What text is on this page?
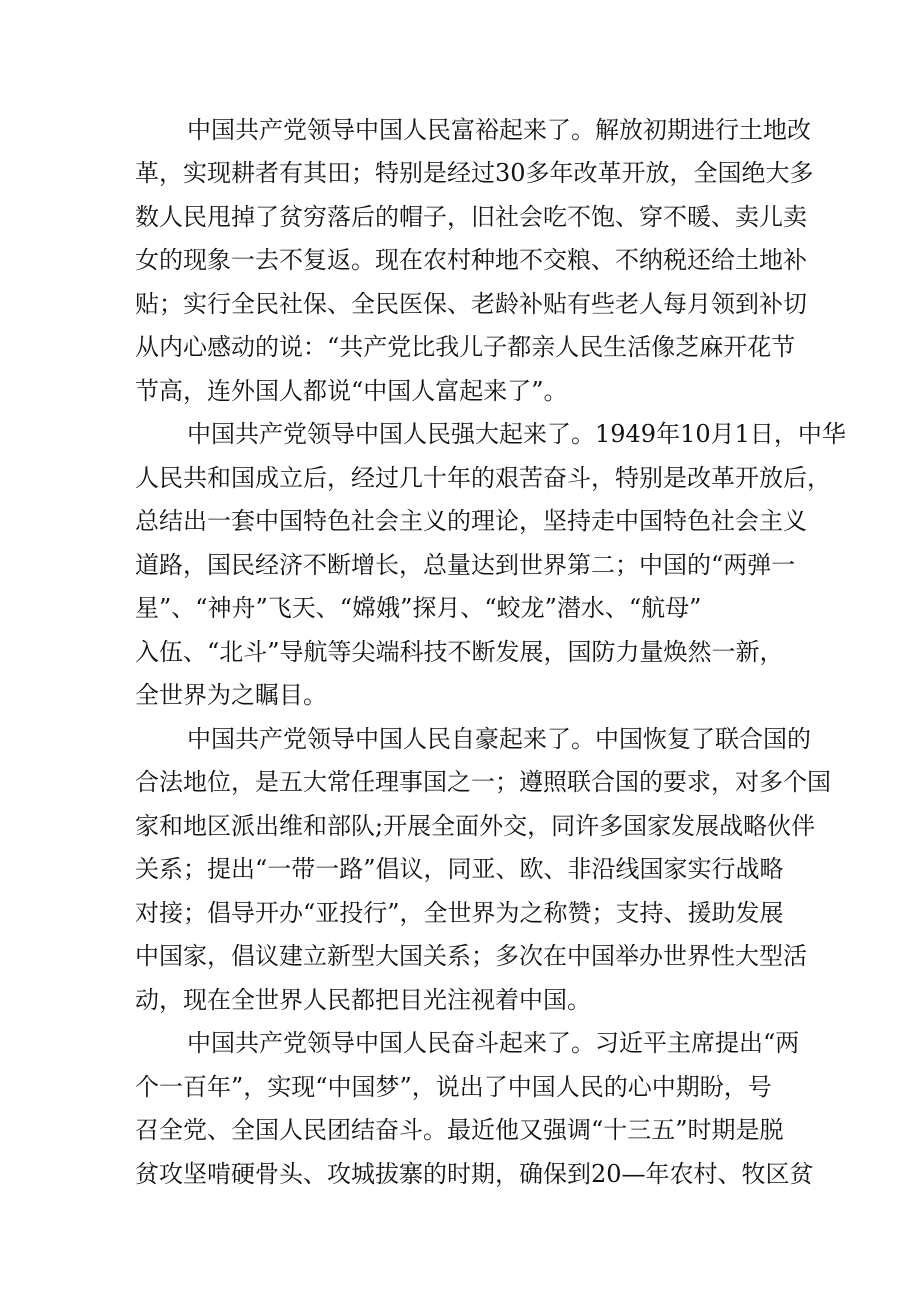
中国共产党领导中国人民富裕起来了。解放初期进行土地改

革，实现耕者有其田；特别是经过30多年改革开放，全国绝大多

数人民甩掉了贫穷落后的帽子，旧社会吃不饱、穿不暖、卖儿卖

女的现象一去不复返。现在农村种地不交粮、不纳税还给土地补

贴；实行全民社保、全民医保、老龄补贴有些老人每月领到补切

从内心感动的说：“共产党比我儿子都亲人民生活像芝麻开花节

节高，连外国人都说“中国人富起来了”。

中国共产党领导中国人民强大起来了。1949年10月1日，中华

人民共和国成立后，经过几十年的艰苦奋斗，特别是改革开放后，

总结出一套中国特色社会主义的理论，坚持走中国特色社会主义

道路，国民经济不断增长，总量达到世界第二；中国的“两弹一

星”、“神舟”飞天、“嫦娥”探月、“蛟龙”潜水、“航母”

入伍、“北斗”导航等尖端科技不断发展，国防力量焕然一新，

全世界为之瞩目。

中国共产党领导中国人民自豪起来了。中国恢复了联合国的

合法地位，是五大常任理事国之一；遵照联合国的要求，对多个国

家和地区派出维和部队;开展全面外交，同许多国家发展战略伙伴

关系；提出“一带一路”倡议，同亚、欧、非沿线国家实行战略

对接；倡导开办“亚投行”，全世界为之称赞；支持、援助发展

中国家，倡议建立新型大国关系；多次在中国举办世界性大型活

动，现在全世界人民都把目光注视着中国。

中国共产党领导中国人民奋斗起来了。习近平主席提出“两

个一百年”，实现“中国梦”，说出了中国人民的心中期盼，号

召全党、全国人民团结奋斗。最近他又强调“十三五”时期是脱

贫攻坚啃硬骨头、攻城拔寨的时期，确保到20—年农村、牧区贫
